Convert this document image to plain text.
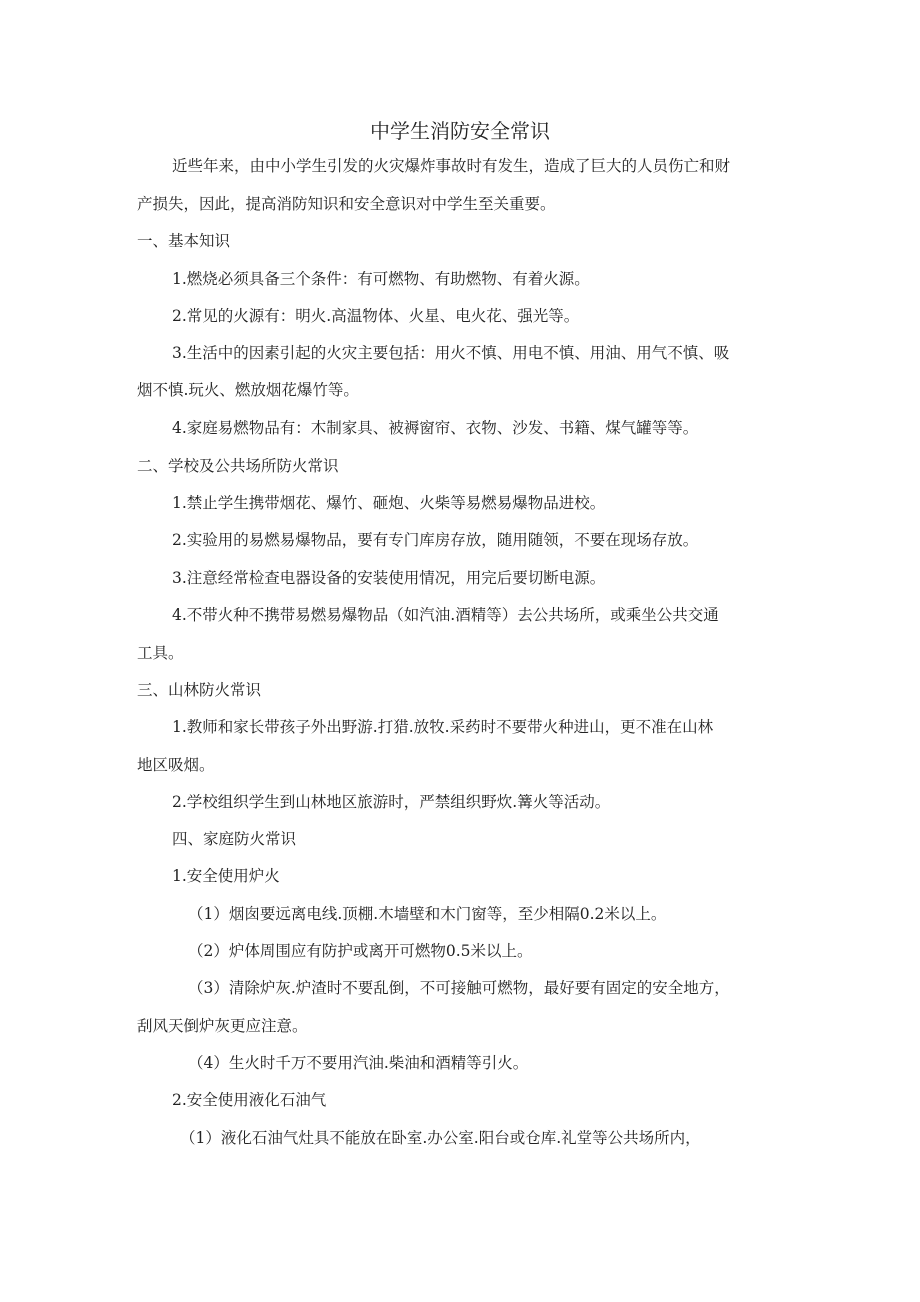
中学生消防安全常识
近些年来，由中小学生引发的火灾爆炸事故时有发生，造成了巨大的人员伤亡和财
产损失，因此，提高消防知识和安全意识对中学生至关重要。
一、基本知识
1.燃烧必须具备三个条件：有可燃物、有助燃物、有着火源。
2.常见的火源有：明火.高温物体、火星、电火花、强光等。
3.生活中的因素引起的火灾主要包括：用火不慎、用电不慎、用油、用气不慎、吸
烟不慎.玩火、燃放烟花爆竹等。
4.家庭易燃物品有：木制家具、被褥窗帘、衣物、沙发、书籍、煤气罐等等。
二、学校及公共场所防火常识
1.禁止学生携带烟花、爆竹、砸炮、火柴等易燃易爆物品进校。
2.实验用的易燃易爆物品，要有专门库房存放，随用随领，不要在现场存放。
3.注意经常检查电器设备的安装使用情况，用完后要切断电源。
4.不带火种不携带易燃易爆物品（如汽油.酒精等）去公共场所，或乘坐公共交通
工具。
三、山林防火常识
1.教师和家长带孩子外出野游.打猎.放牧.采药时不要带火种进山，更不准在山林
地区吸烟。
2.学校组织学生到山林地区旅游时，严禁组织野炊.篝火等活动。
四、家庭防火常识
1.安全使用炉火
（1）烟囱要远离电线.顶棚.木墙壁和木门窗等，至少相隔0.2米以上。
（2）炉体周围应有防护或离开可燃物0.5米以上。
（3）清除炉灰.炉渣时不要乱倒，不可接触可燃物，最好要有固定的安全地方，
刮风天倒炉灰更应注意。
（4）生火时千万不要用汽油.柴油和酒精等引火。
2.安全使用液化石油气
（1）液化石油气灶具不能放在卧室.办公室.阳台或仓库.礼堂等公共场所内，
